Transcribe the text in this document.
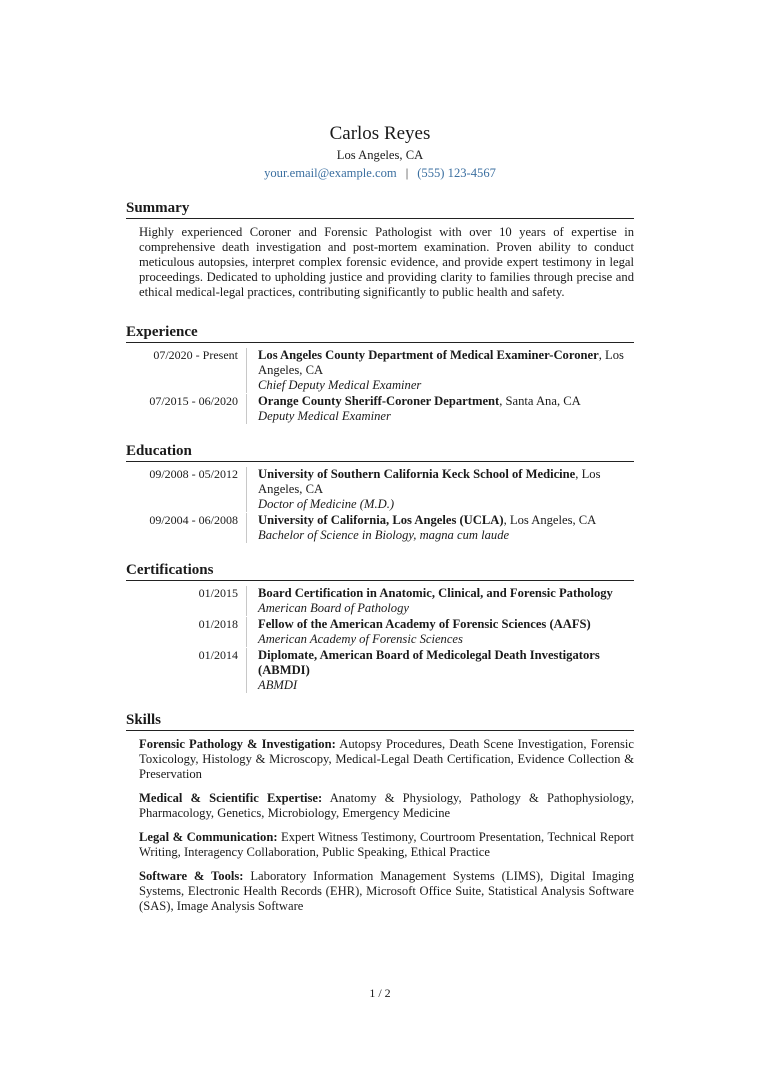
Carlos Reyes
Los Angeles, CA
your.email@example.com | (555) 123-4567
Summary

Highly experienced Coroner and Forensic Pathologist with over 10 years of expertise in comprehensive death investigation and post-mortem examination. Proven ability to conduct meticulous autopsies, interpret complex forensic evidence, and provide expert testimony in legal proceedings. Dedicated to upholding justice and providing clarity to families through precise and ethical medical-legal practices, contributing significantly to public health and safety.

Experience
07/2020 - Present	Los Angeles County Department of Medical Examiner-Coroner, Los Angeles, CA
Chief Deputy Medical Examiner
07/2015 - 06/2020	Orange County Sheriff-Coroner Department, Santa Ana, CA
Deputy Medical Examiner
Education
09/2008 - 05/2012	University of Southern California Keck School of Medicine, Los Angeles, CA
Doctor of Medicine (M.D.)
09/2004 - 06/2008	University of California, Los Angeles (UCLA), Los Angeles, CA
Bachelor of Science in Biology, magna cum laude
Certifications
01/2015	Board Certification in Anatomic, Clinical, and Forensic Pathology
American Board of Pathology
01/2018	Fellow of the American Academy of Forensic Sciences (AAFS)
American Academy of Forensic Sciences
01/2014	Diplomate, American Board of Medicolegal Death Investigators (ABMDI)
ABMDI
Skills
Forensic Pathology & Investigation: Autopsy Procedures, Death Scene Investigation, Forensic Toxicology, Histology & Microscopy, Medical-Legal Death Certification, Evidence Collection & Preservation
Medical & Scientific Expertise: Anatomy & Physiology, Pathology & Pathophysiology, Pharmacology, Genetics, Microbiology, Emergency Medicine
Legal & Communication: Expert Witness Testimony, Courtroom Presentation, Technical Report Writing, Interagency Collaboration, Public Speaking, Ethical Practice
Software & Tools: Laboratory Information Management Systems (LIMS), Digital Imaging Systems, Electronic Health Records (EHR), Microsoft Office Suite, Statistical Analysis Software (SAS), Image Analysis Software
1 / 2
